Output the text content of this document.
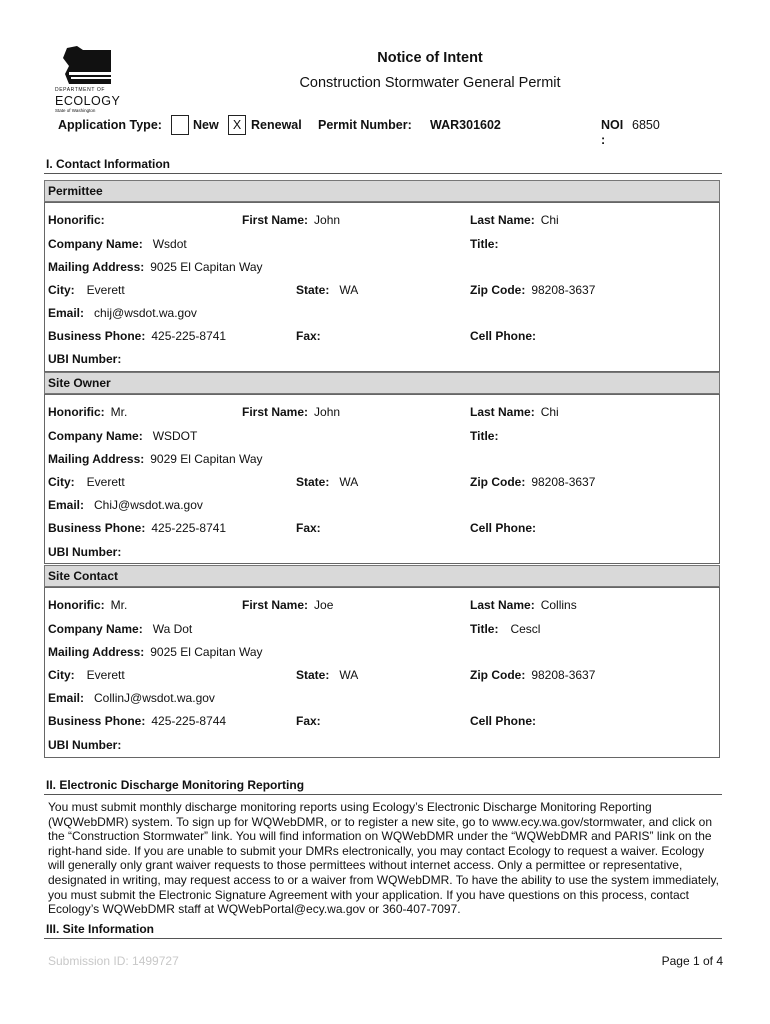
DEPARTMENT OF
ECOLOGY
State of Washington
Notice of Intent
Construction Stormwater General Permit
Application Type: New	X Renewal Permit Number: WAR301602	NOI
:
6850
I. Contact Information
Permittee
Honorific:	First Name: John	Last Name: Chi
Company Name: Wsdot	Title:
Mailing Address: 9025 El Capitan Way
City: Everett	State: WA	Zip Code: 98208-3637
Email: chij@wsdot.wa.gov
Business Phone: 425-225-8741	Fax:	Cell Phone:
UBI Number:
Site Owner
Honorific: Mr.	First Name: John	Last Name: Chi
Company Name: WSDOT	Title:
Mailing Address: 9029 El Capitan Way
City: Everett	State: WA	Zip Code: 98208-3637
Email: ChiJ@wsdot.wa.gov
Business Phone: 425-225-8741	Fax:	Cell Phone:
UBI Number:
Site Contact
Honorific: Mr.	First Name: Joe	Last Name: Collins
Company Name: Wa Dot	Title: Cescl
Mailing Address: 9025 El Capitan Way
City: Everett	State: WA	Zip Code: 98208-3637
Email: CollinJ@wsdot.wa.gov
Business Phone: 425-225-8744	Fax:	Cell Phone:
UBI Number:
II. Electronic Discharge Monitoring Reporting
You must submit monthly discharge monitoring reports using Ecology’s Electronic Discharge Monitoring Reporting (WQWebDMR) system. To sign up for WQWebDMR, or to register a new site, go to www.ecy.wa.gov/stormwater, and click on the “Construction Stormwater” link. You will find information on WQWebDMR under the “WQWebDMR and PARIS” link on the right-hand side. If you are unable to submit your DMRs electronically, you may contact Ecology to request a waiver. Ecology will generally only grant waiver requests to those permittees without internet access. Only a permittee or representative, designated in writing, may request access to or a waiver from WQWebDMR. To have the ability to use the system immediately, you must submit the Electronic Signature Agreement with your application. If you have questions on this process, contact Ecology’s WQWebDMR staff at WQWebPortal@ecy.wa.gov or 360-407-7097.
III. Site Information
Submission ID: 1499727	Page 1 of 4
